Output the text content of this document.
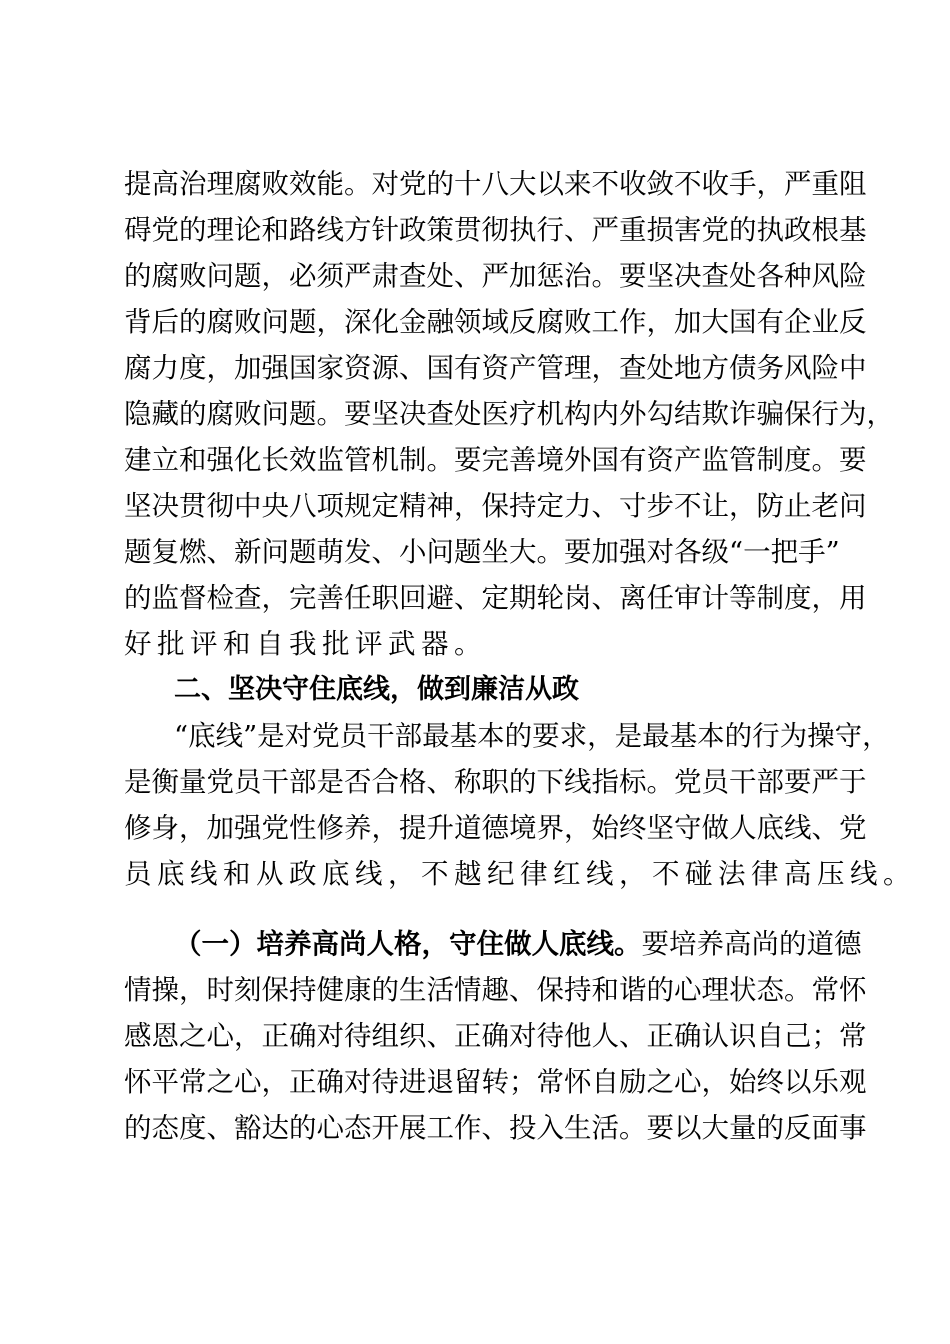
提 高 治 理 腐 败 效 能 。 对 党 的 十 八 大 以 来 不 收 敛 不 收 手 ， 严 重 阻
碍 党 的 理 论 和 路 线 方 针 政 策 贯 彻 执 行 、 严 重 损 害 党 的 执 政 根 基
的 腐 败 问 题 ， 必 须 严 肃 查 处 、 严 加 惩 治 。 要 坚 决 查 处 各 种 风 险
背 后 的 腐 败 问 题 ， 深 化 金 融 领 域 反 腐 败 工 作 ， 加 大 国 有 企 业 反
腐 力 度 ， 加 强 国 家 资 源 、 国 有 资 产 管 理 ， 查 处 地 方 债 务 风 险 中
隐 藏 的 腐 败 问 题 。 要 坚 决 查 处 医 疗 机 构 内 外 勾 结 欺 诈 骗 保 行 为 ，
建 立 和 强 化 长 效 监 管 机 制 。 要 完 善 境 外 国 有 资 产 监 管 制 度 。 要
坚 决 贯 彻 中 央 八 项 规 定 精 神 ， 保 持 定 力 、 寸 步 不 让 ， 防 止 老 问
题 复 燃 、 新 问 题 萌 发 、 小 问 题 坐 大 。 要 加 强 对 各 级 “ 一 把 手 ”
的 监 督 检 查 ， 完 善 任 职 回 避 、 定 期 轮 岗 、 离 任 审 计 等 制 度 ， 用
好批评和自我批评武器。
二、坚决守住底线，做到廉洁从政
“ 底 线 ” 是 对 党 员 干 部 最 基 本 的 要 求 ， 是 最 基 本 的 行 为 操 守 ，
是 衡 量 党 员 干 部 是 否 合 格 、 称 职 的 下 线 指 标 。 党 员 干 部 要 严 于
修 身 ， 加 强 党 性 修 养 ， 提 升 道 德 境 界 ， 始 终 坚 守 做 人 底 线 、 党
员底线和从政底线，不越纪律红线，不碰法律高压线。
（ 一 ） 培 养 高 尚 人 格 ， 守 住 做 人 底 线 。 要 培 养 高 尚 的 道 德
情 操 ， 时 刻 保 持 健 康 的 生 活 情 趣 、 保 持 和 谐 的 心 理 状 态 。 常 怀
感 恩 之 心 ， 正 确 对 待 组 织 、 正 确 对 待 他 人 、 正 确 认 识 自 己 ； 常
怀 平 常 之 心 ， 正 确 对 待 进 退 留 转 ； 常 怀 自 励 之 心 ， 始 终 以 乐 观
的 态 度 、 豁 达 的 心 态 开 展 工 作 、 投 入 生 活 。 要 以 大 量 的 反 面 事
